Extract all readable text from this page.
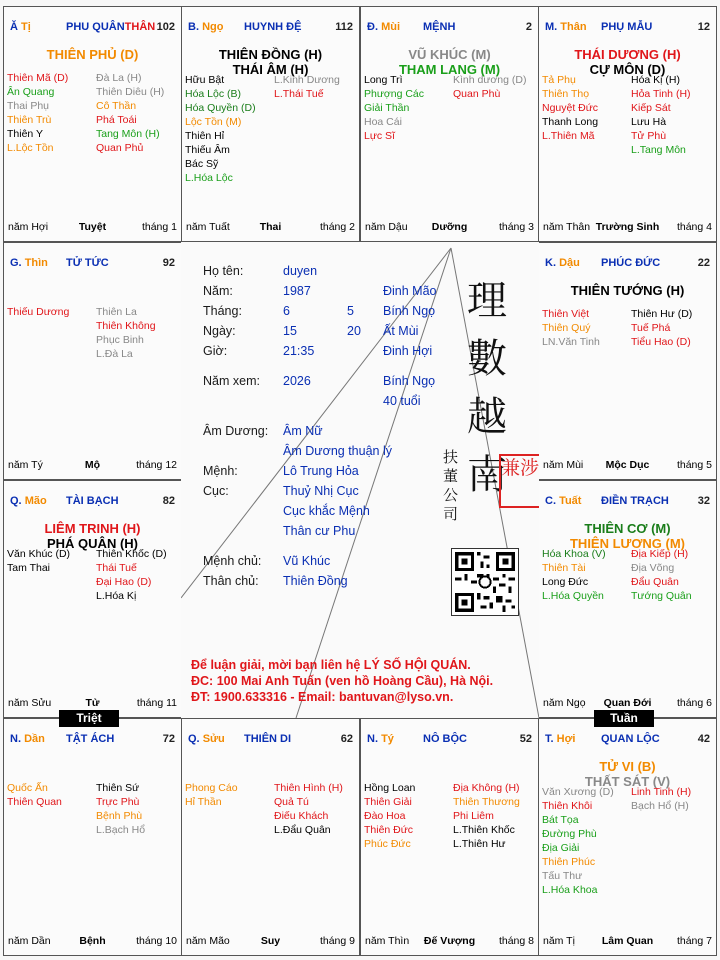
Ă Tị	PHU QUÂNTHÂN 102
THIÊN PHỦ (D)
Thiên Mã (D)
Ân Quang
Thai Phụ
Thiên Trù
Thiên Y
L.Lộc Tồn
Đà La (H)
Thiên Diêu (H)
Cô Thần
Phá Toái
Tang Môn (H)
Quan Phủ
năm Hợi	Tuyệt	tháng 1
B. Ngọ HUYNH ĐỆ	112
THIÊN ĐỒNG (H)
THÁI ÂM (H)
Hữu Bật
Hóa Lộc (B)
Hóa Quyền (D)
Lộc Tồn (M)
Thiên Hỉ
Thiếu Âm
Bác Sỹ
L.Hóa Lộc
L.Kinh Dương
L.Thái Tuế
năm Tuất	Thai	tháng 2
Đ. Mùi MỆNH	2
VŨ KHÚC (M)
THAM LANG (M)
Long Trì
Phượng Các
Giải Thần
Hoa Cái
Lực Sĩ
Kình dương (D)
Quan Phù
năm Dậu	Dưỡng	tháng 3
M. Thân PHỤ MẪU	12
THÁI DƯƠNG (H)
CỰ MÔN (D)
Tả Phụ
Thiên Thọ
Nguyệt Đức
Thanh Long
L.Thiên Mã
Hóa Kị (H)
Hỏa Tinh (H)
Kiếp Sát
Lưu Hà
Tử Phù
L.Tang Môn
năm Thân Trường Sinh	tháng 4
K. Dậu PHÚC ĐỨC	22
THIÊN TƯỚNG (H)
Thiên Việt
Thiên Quý
LN.Văn Tinh
Thiên Hư (D)
Tuế Phá
Tiểu Hao (D)
năm Mùi	Mộc Dục	tháng 5
C. Tuất ĐIỀN TRẠCH	32
THIÊN CƠ (M)
THIÊN LƯƠNG (M)
Hóa Khoa (V)
Thiên Tài
Long Đức
L.Hóa Quyền
Địa Kiếp (H)
Địa Võng
Đẩu Quân
Tướng Quân
năm Ngọ	Quan Đới	tháng 6
T. Hợi QUAN LỘC	42
TỬ VI (B)
THẤT SÁT (V)
Văn Xương (D)
Thiên Khôi
Bát Tọa
Đường Phù
Địa Giải
Thiên Phúc
Tấu Thư
L.Hóa Khoa
Linh Tinh (H)
Bạch Hổ (H)
năm Tị	Lâm Quan	tháng 7
N. Tý	NÔ BỘC	52
Hồng Loan
Thiên Giải
Đào Hoa
Thiên Đức
Phúc Đức
Địa Không (H)
Thiên Thương
Phi Liêm
L.Thiên Khốc
L.Thiên Hư
năm Thìn	Đế Vượng	tháng 8
Q. Sửu THIÊN DI	62
Phong Cáo
Hỉ Thần
Thiên Hình (H)
Quả Tú
Điếu Khách
L.Đẩu Quân
năm Mão	Suy	tháng 9
N. Dần TẬT ÁCH	72
Quốc Ấn
Thiên Quan
Thiên Sứ
Trực Phù
Bệnh Phù
L.Bạch Hổ
năm Dần	Bệnh	tháng 10
Q. Mão TÀI BẠCH	82
LIÊM TRINH (H)
PHÁ QUÂN (H)
Văn Khúc (D)
Tam Thai
Thiên Khốc (D)
Thái Tuế
Đại Hao (D)
L.Hóa Kị
năm Sửu	Tử	tháng 11
G. Thìn TỬ TỨC	92
Thiếu Dương	Thiên La
Thiên Không
Phục Binh
L.Đà La
năm Tý	Mộ	tháng 12
Họ tên:	duyen
Năm:	1987	Đinh Mão
Tháng:	6	5 Bính Ngọ
Ngày:	15	20 Ất Mùi
Giờ:	21:35	Đinh Hợi
Năm xem: 2026	Bính Ngọ
40 tuổi
Âm Dương: Âm Nữ
Âm Dương thuận lý
Mệnh:	Lô Trung Hỏa
Cục:	Thuỷ Nhị Cục
Cục khắc Mệnh
Thân cư Phu
Mệnh chủ: Vũ Khúc
Thân chủ: Thiên Đồng
理數越南
扶董公司
兼涉
Để luận giải, mời bạn liên hệ LÝ SỐ HỘI QUÁN.
ĐC: 100 Mai Anh Tuấn (ven hồ Hoàng Cầu), Hà Nội.
ĐT: 1900.633316 - Email: bantuvan@lyso.vn.
Triệt	Tuần
